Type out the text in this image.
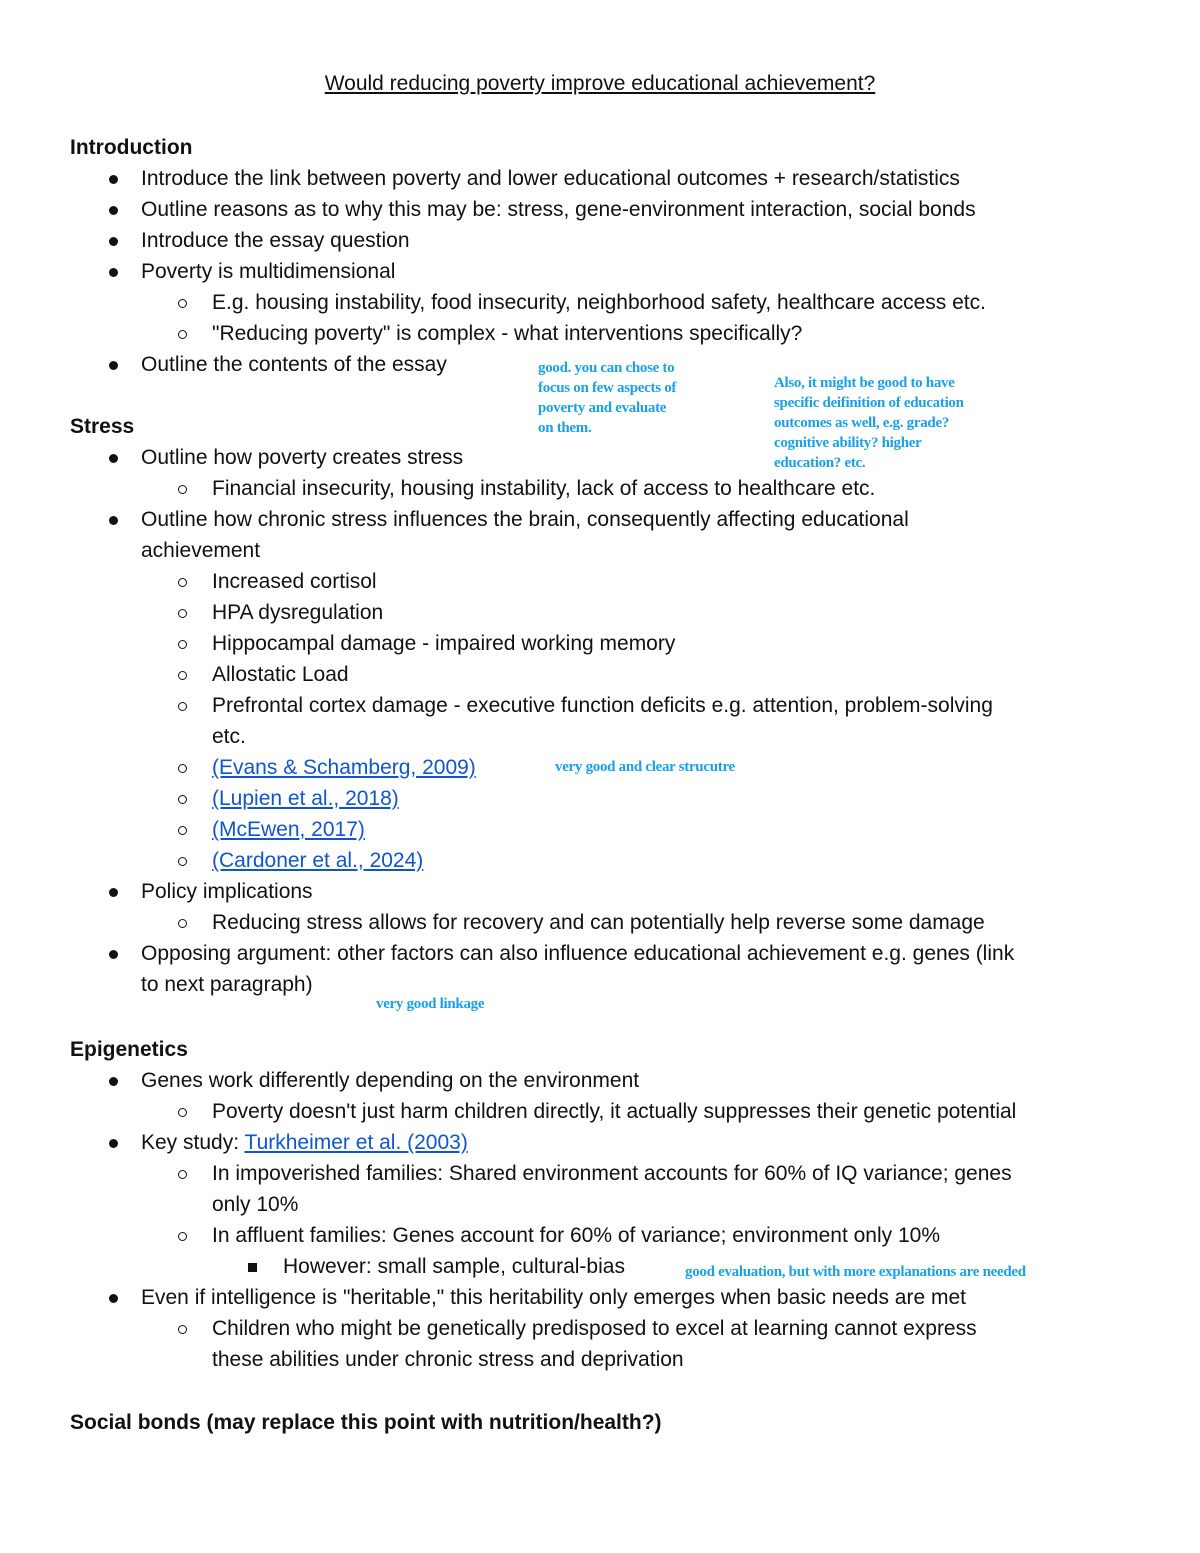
Would reducing poverty improve educational achievement?
Introduction
Introduce the link between poverty and lower educational outcomes + research/statistics
Outline reasons as to why this may be: stress, gene-environment interaction, social bonds
Introduce the essay question
Poverty is multidimensional
E.g. housing instability, food insecurity, neighborhood safety, healthcare access etc.
"Reducing poverty" is complex - what interventions specifically?
Outline the contents of the essay	good. you can chose to
focus on few aspects of
poverty and evaluate
on them.
Also, it might be good to have
specific deifinition of education
outcomes as well, e.g. grade?
cognitive ability? higher
education? etc.
Stress
Outline how poverty creates stress
Financial insecurity, housing instability, lack of access to healthcare etc.
Outline how chronic stress influences the brain, consequently affecting educational
achievement
Increased cortisol
HPA dysregulation
Hippocampal damage - impaired working memory
Allostatic Load
Prefrontal cortex damage - executive function deficits e.g. attention, problem-solving
etc.
(Evans & Schamberg, 2009)	very good and clear strucutre
(Lupien et al., 2018)
(McEwen, 2017)
(Cardoner et al., 2024)
Policy implications
Reducing stress allows for recovery and can potentially help reverse some damage
Opposing argument: other factors can also influence educational achievement e.g. genes (link
to next paragraph)
very good linkage
Epigenetics
Genes work differently depending on the environment
Poverty doesn't just harm children directly, it actually suppresses their genetic potential
Key study: Turkheimer et al. (2003)
In impoverished families: Shared environment accounts for 60% of IQ variance; genes
only 10%
In affluent families: Genes account for 60% of variance; environment only 10%
However: small sample, cultural-bias	good evaluation, but with more explanations are needed
Even if intelligence is "heritable," this heritability only emerges when basic needs are met
Children who might be genetically predisposed to excel at learning cannot express
these abilities under chronic stress and deprivation
Social bonds (may replace this point with nutrition/health?)
